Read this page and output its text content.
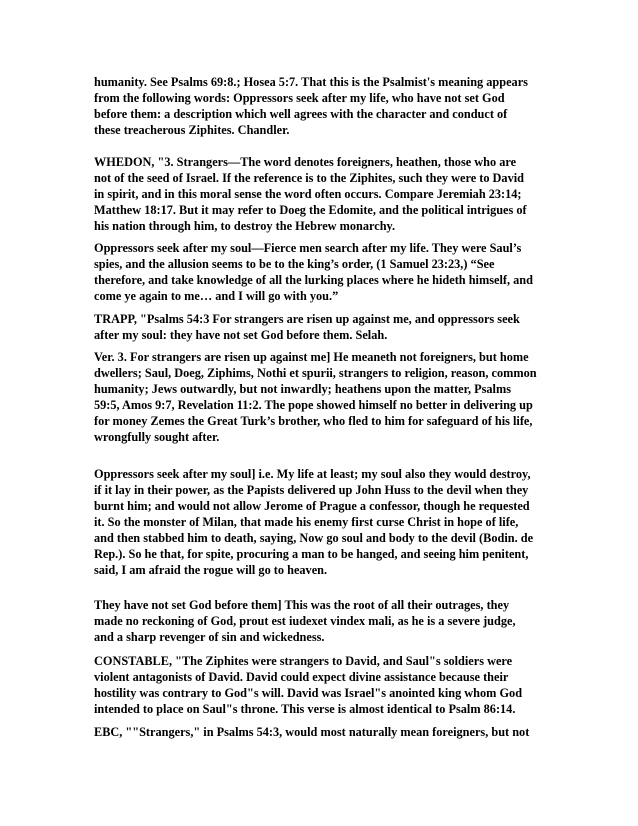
humanity. See Psalms 69:8.; Hosea 5:7. That this is the Psalmist's meaning appears
from the following words: Oppressors seek after my life, who have not set God
before them: a description which well agrees with the character and conduct of
these treacherous Ziphites. Chandler.

WHEDON, "3. Strangers—The word denotes foreigners, heathen, those who are
not of the seed of Israel. If the reference is to the Ziphites, such they were to David
in spirit, and in this moral sense the word often occurs. Compare Jeremiah 23:14;
Matthew 18:17. But it may refer to Doeg the Edomite, and the political intrigues of
his nation through him, to destroy the Hebrew monarchy.

Oppressors seek after my soul—Fierce men search after my life. They were Saul’s
spies, and the allusion seems to be to the king’s order, (1 Samuel 23:23,) “See
therefore, and take knowledge of all the lurking places where he hideth himself, and
come ye again to me… and I will go with you.”

TRAPP, "Psalms 54:3 For strangers are risen up against me, and oppressors seek
after my soul: they have not set God before them. Selah.

Ver. 3. For strangers are risen up against me] He meaneth not foreigners, but home
dwellers; Saul, Doeg, Ziphims, Nothi et spurii, strangers to religion, reason, common
humanity; Jews outwardly, but not inwardly; heathens upon the matter, Psalms
59:5, Amos 9:7, Revelation 11:2. The pope showed himself no better in delivering up
for money Zemes the Great Turk’s brother, who fled to him for safeguard of his life,
wrongfully sought after.

Oppressors seek after my soul] i.e. My life at least; my soul also they would destroy,
if it lay in their power, as the Papists delivered up John Huss to the devil when they
burnt him; and would not allow Jerome of Prague a confessor, though he requested
it. So the monster of Milan, that made his enemy first curse Christ in hope of life,
and then stabbed him to death, saying, Now go soul and body to the devil (Bodin. de
Rep.). So he that, for spite, procuring a man to be hanged, and seeing him penitent,
said, I am afraid the rogue will go to heaven.

They have not set God before them] This was the root of all their outrages, they
made no reckoning of God, prout est iudexet vindex mali, as he is a severe judge,
and a sharp revenger of sin and wickedness.

CONSTABLE, "The Ziphites were strangers to David, and Saul"s soldiers were
violent antagonists of David. David could expect divine assistance because their
hostility was contrary to God"s will. David was Israel"s anointed king whom God
intended to place on Saul"s throne. This verse is almost identical to Psalm 86:14.

EBC, ""Strangers," in Psalms 54:3, would most naturally mean foreigners, but not
